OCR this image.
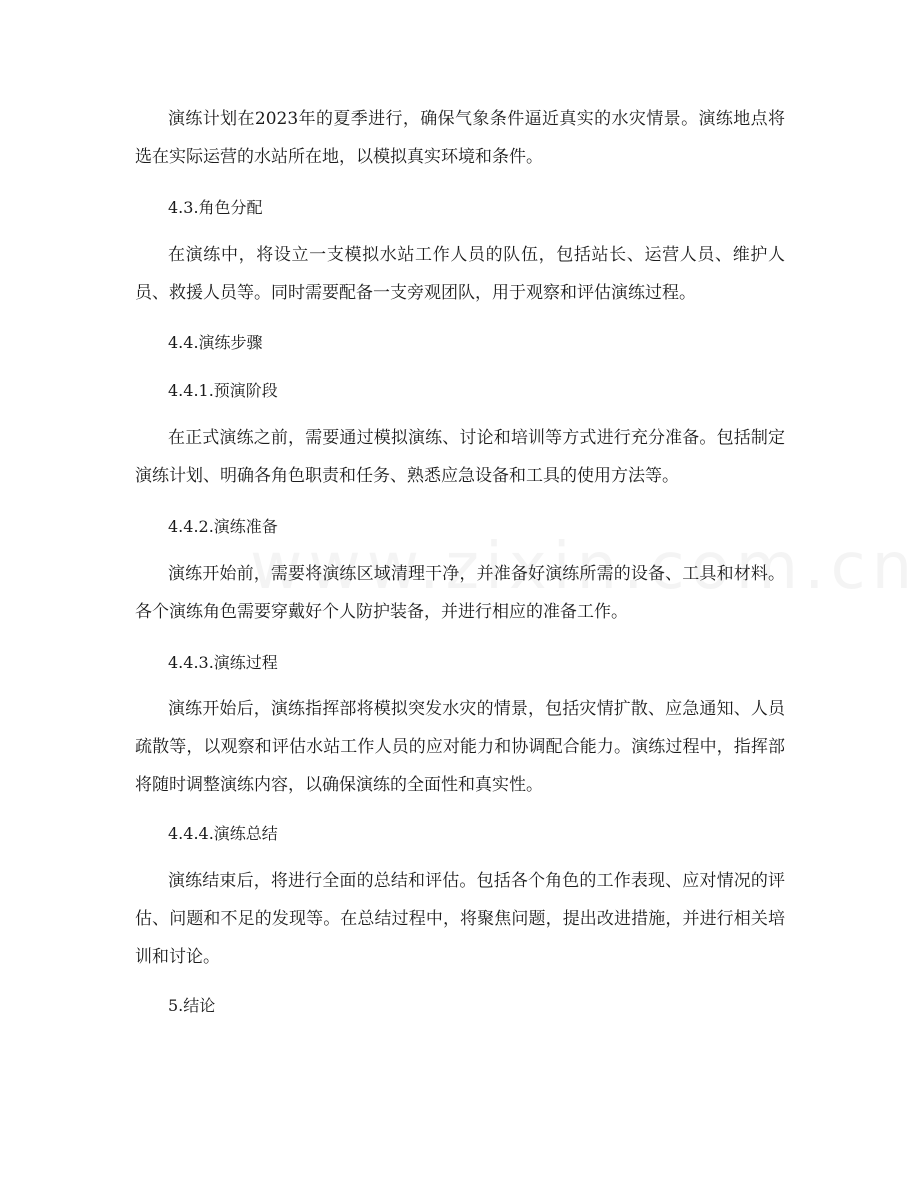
演练计划在2023年的夏季进行，确保气象条件逼近真实的水灾情景。演练地点将选在实际运营的水站所在地，以模拟真实环境和条件。

4.3.角色分配

在演练中，将设立一支模拟水站工作人员的队伍，包括站长、运营人员、维护人员、救援人员等。同时需要配备一支旁观团队，用于观察和评估演练过程。

4.4.演练步骤
4.4.1.预演阶段

在正式演练之前，需要通过模拟演练、讨论和培训等方式进行充分准备。包括制定演练计划、明确各角色职责和任务、熟悉应急设备和工具的使用方法等。

4.4.2.演练准备

演练开始前，需要将演练区域清理干净，并准备好演练所需的设备、工具和材料。各个演练角色需要穿戴好个人防护装备，并进行相应的准备工作。

4.4.3.演练过程

演练开始后，演练指挥部将模拟突发水灾的情景，包括灾情扩散、应急通知、人员疏散等，以观察和评估水站工作人员的应对能力和协调配合能力。演练过程中，指挥部将随时调整演练内容，以确保演练的全面性和真实性。

4.4.4.演练总结

演练结束后，将进行全面的总结和评估。包括各个角色的工作表现、应对情况的评估、问题和不足的发现等。在总结过程中，将聚焦问题，提出改进措施，并进行相关培训和讨论。

5.结论
